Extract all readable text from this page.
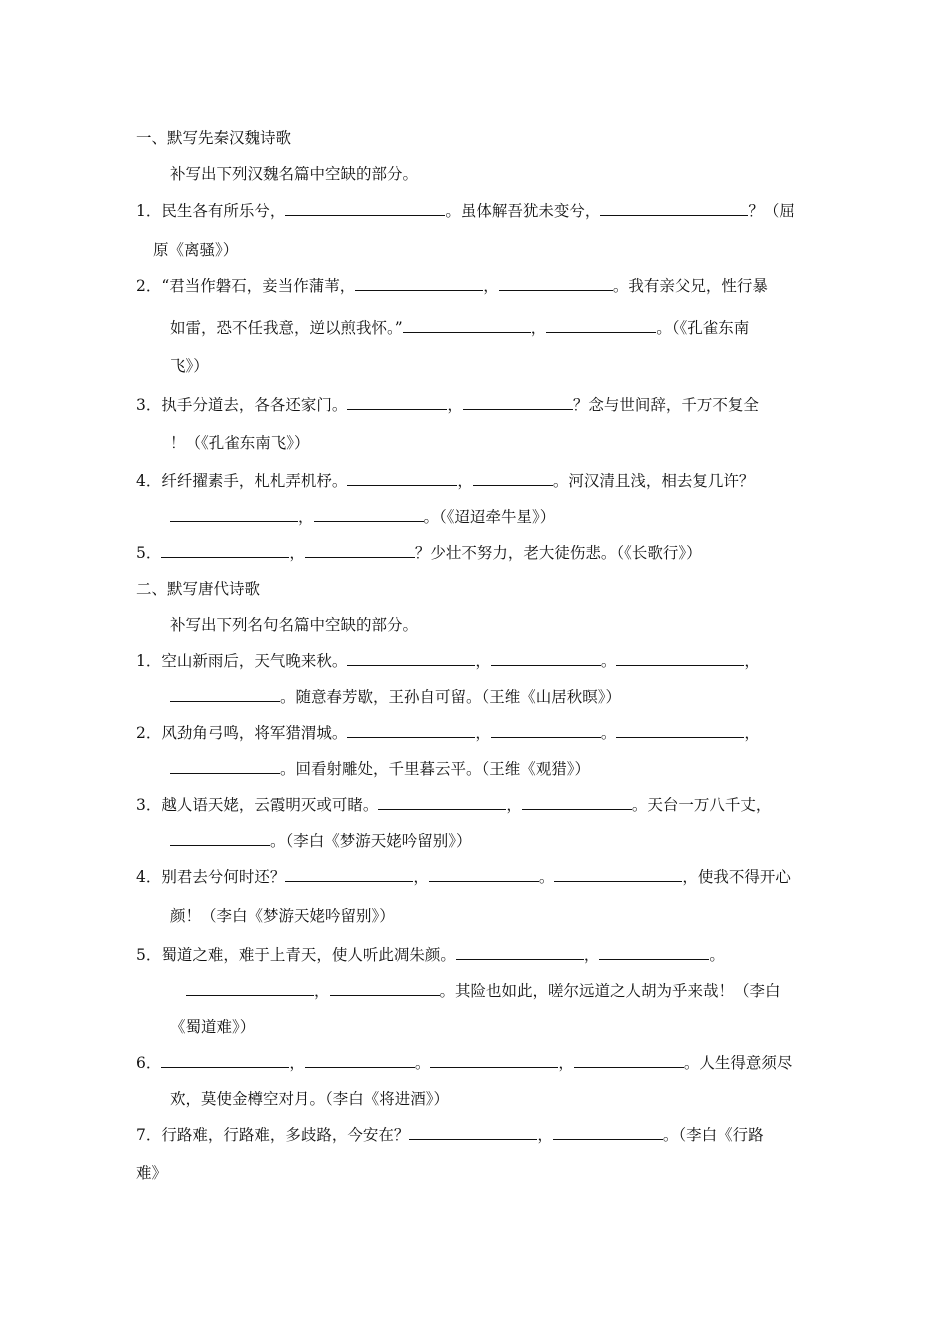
一、默写先秦汉魏诗歌
补写出下列汉魏名篇中空缺的部分。
1．民生各有所乐兮，	。虽体解吾犹未变兮，	？（屈
原《离骚》）
2．“君当作磐石，妾当作蒲苇，	，	。我有亲父兄，性行暴
如雷，恐不任我意，逆以煎我怀。”	，	。（《孔雀东南
飞》）
3．执手分道去，各各还家门。	，	？念与世间辞，千万不复全
！（《孔雀东南飞》）
4．纤纤擢素手，札札弄机杼。	，	。河汉清且浅，相去复几许？
，	。（《迢迢牵牛星》）
5．	，	？少壮不努力，老大徒伤悲。（《长歌行》）
二、默写唐代诗歌
补写出下列名句名篇中空缺的部分。
1．空山新雨后，天气晚来秋。	，	。	，
。随意春芳歇，王孙自可留。（王维《山居秋暝》）
2．风劲角弓鸣，将军猎渭城。	，	。	，
。回看射雕处，千里暮云平。（王维《观猎》）
3．越人语天姥，云霞明灭或可睹。	，	。天台一万八千丈，
。（李白《梦游天姥吟留别》）
4．别君去兮何时还？	，	。	，使我不得开心
颜！（李白《梦游天姥吟留别》）
5．蜀道之难，难于上青天，使人听此凋朱颜。	，	。
，	。其险也如此，嗟尔远道之人胡为乎来哉！（李白
《蜀道难》）
6．	，	。	，	。人生得意须尽
欢，莫使金樽空对月。（李白《将进酒》）
7．行路难，行路难，多歧路，今安在？	，	。（李白《行路
难》
